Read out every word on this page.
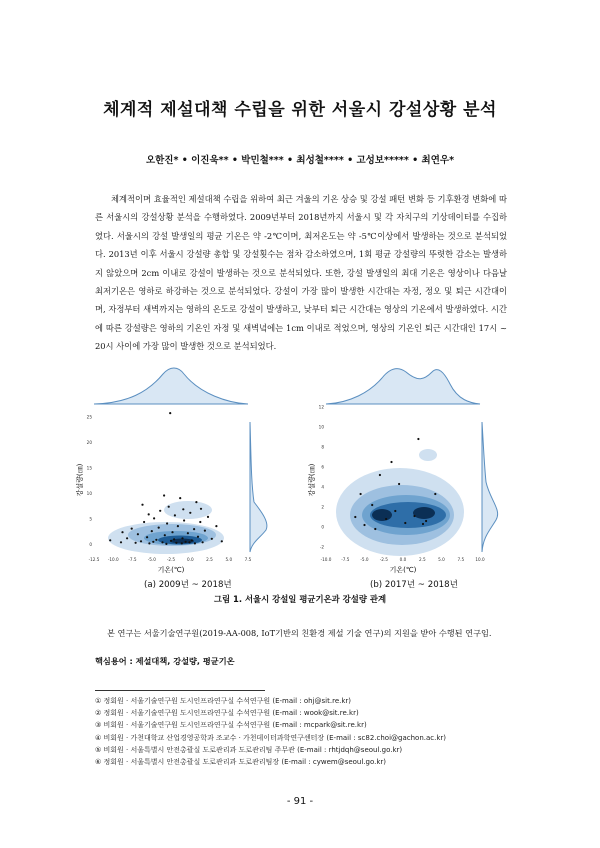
체계적 제설대책 수립을 위한 서울시 강설상황 분석
오한진* • 이진욱** • 박민철*** • 최성철**** • 고성보***** • 최연우*

체계적이며 효율적인 제설대책 수립을 위하여 최근 겨울의 기온 상승 및 강설 패턴 변화 등 기후환경 변화에 따른 서울시의 강설상황 분석을 수행하였다. 2009년부터 2018년까지 서울시 및 각 자치구의 기상데이터를 수집하였다. 서울시의 강설 발생일의 평균 기온은 약 -2℃이며, 최저온도는 약 -5℃이상에서 발생하는 것으로 분석되었다. 2013년 이후 서울시 강설량 총합 및 강설횟수는 점차 감소하였으며, 1회 평균 강설량의 뚜렷한 감소는 발생하지 않았으며 2cm 이내로 강설이 발생하는 것으로 분석되었다. 또한, 강설 발생일의 최대 기온은 영상이나 다음날 최저기온은 영하로 하강하는 것으로 분석되었다. 강설이 가장 많이 발생한 시간대는 자정, 정오 및 퇴근 시간대이며, 자정부터 새벽까지는 영하의 온도로 강설이 발생하고, 낮부터 퇴근 시간대는 영상의 기온에서 발생하였다. 시간에 따른 강설량은 영하의 기온인 자정 및 새벽녘에는 1cm 이내로 적었으며, 영상의 기온인 퇴근 시간대인 17시 ~ 20시 사이에 가장 많이 발생한 것으로 분석되었다.

-12.5 -10.0 -7.5	-5.0	-2.5	0.0	2.5	5.0	7.5
0
5
10
15
20
25
기온(℃)
강설량(㎝)
-10.0 -7.5	-5.0	-2.5	0.0	2.5	5.0	7.5	10.0
-2
0
2
4
6
8
10
12
기온(℃)
강설량(㎝)
(a) 2009년 ~ 2018년	(b) 2017년 ~ 2018년
그림 1. 서울시 강설일 평균기온과 강설량 관계

본 연구는 서울기술연구원(2019-AA-008, IoT기반의 친환경 제설 기술 연구)의 지원을 받아 수행된 연구임.

핵심용어 : 제설대책, 강설량, 평균기온
① 정회원 · 서울기술연구원 도시인프라연구실 수석연구원 (E-mail : ohj@sit.re.kr)
② 정회원 · 서울기술연구원 도시인프라연구실 수석연구원 (E-mail : wook@sit.re.kr)
③ 비회원 · 서울기술연구원 도시인프라연구실 수석연구원 (E-mail : mcpark@sit.re.kr)
④ 비회원 · 가천대학교 산업경영공학과 조교수 · 가천데이터과학연구센터장 (E-mail : sc82.choi@gachon.ac.kr)
⑤ 비회원 · 서울특별시 안전총괄실 도로관리과 도로관리팀 주무관 (E-mail : rhtjdqh@seoul.go.kr)
⑥ 정회원 · 서울특별시 안전총괄실 도로관리과 도로관리팀장 (E-mail : cywem@seoul.go.kr)
- 91 -
